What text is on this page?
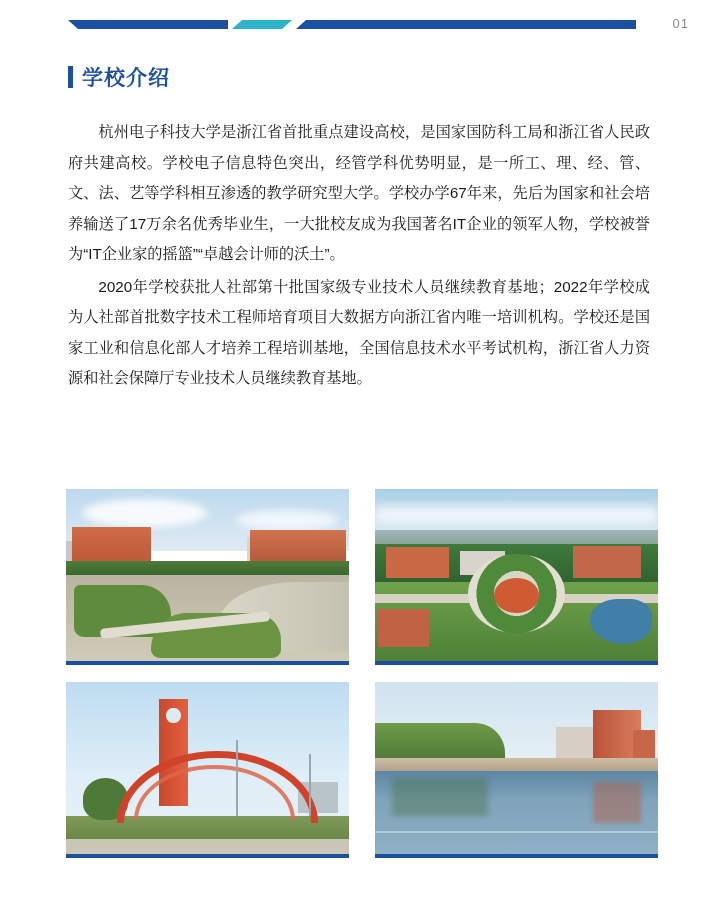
01
学校介绍

杭州电子科技大学是浙江省首批重点建设高校，是国家国防科工局和浙江省人民政府共建高校。学校电子信息特色突出，经管学科优势明显，是一所工、理、经、管、文、法、艺等学科相互渗透的教学研究型大学。学校办学67年来，先后为国家和社会培养输送了17万余名优秀毕业生，一大批校友成为我国著名IT企业的领军人物，学校被誉为“IT企业家的摇篮”“卓越会计师的沃土”。

2020年学校获批人社部第十批国家级专业技术人员继续教育基地；2022年学校成为人社部首批数字技术工程师培育项目大数据方向浙江省内唯一培训机构。学校还是国家工业和信息化部人才培养工程培训基地，全国信息技术水平考试机构，浙江省人力资源和社会保障厅专业技术人员继续教育基地。
